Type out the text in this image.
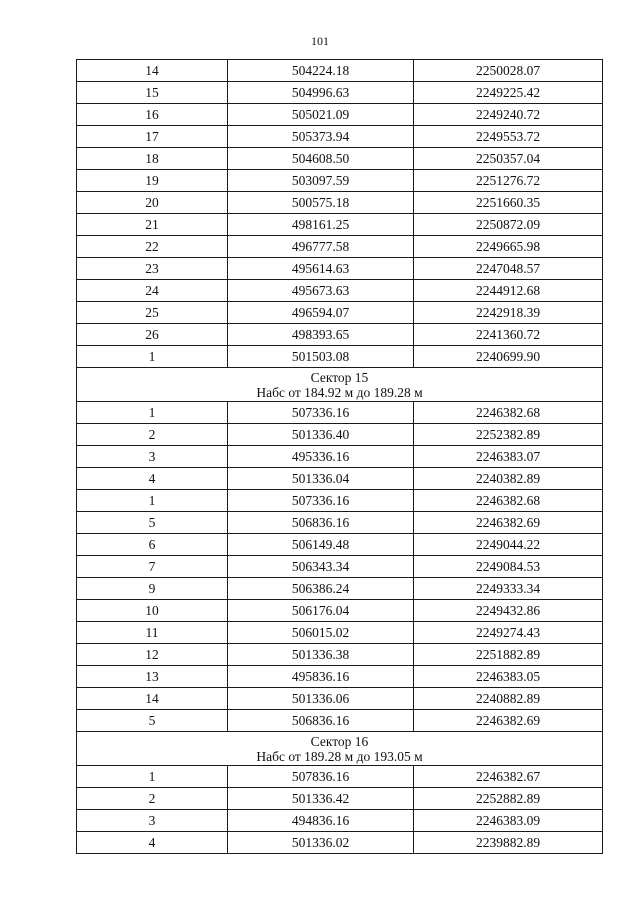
101
14	504224.18	2250028.07
15	504996.63	2249225.42
16	505021.09	2249240.72
17	505373.94	2249553.72
18	504608.50	2250357.04
19	503097.59	2251276.72
20	500575.18	2251660.35
21	498161.25	2250872.09
22	496777.58	2249665.98
23	495614.63	2247048.57
24	495673.63	2244912.68
25	496594.07	2242918.39
26	498393.65	2241360.72
1	501503.08	2240699.90

Сектор 15
Набс от 184.92 м до 189.28 м		

1	507336.16	2246382.68
2	501336.40	2252382.89
3	495336.16	2246383.07
4	501336.04	2240382.89
1	507336.16	2246382.68
5	506836.16	2246382.69
6	506149.48	2249044.22
7	506343.34	2249084.53
9	506386.24	2249333.34
10	506176.04	2249432.86
11	506015.02	2249274.43
12	501336.38	2251882.89
13	495836.16	2246383.05
14	501336.06	2240882.89
5	506836.16	2246382.69

Сектор 16
Набс от 189.28 м до 193.05 м		

1	507836.16	2246382.67
2	501336.42	2252882.89
3	494836.16	2246383.09
4	501336.02	2239882.89
